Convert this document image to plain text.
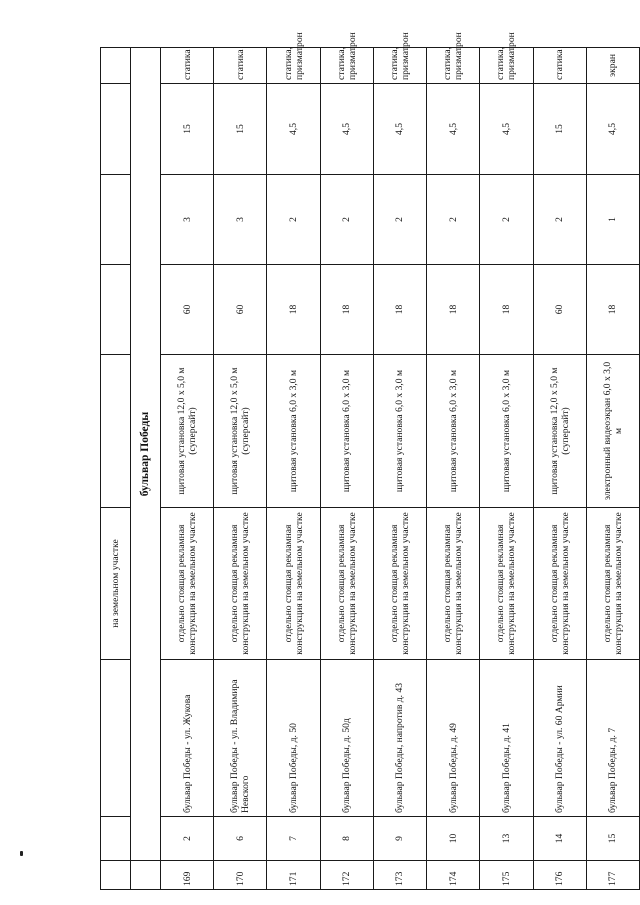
			на земельном участке					
	бульвар Победы							
169	2	бульвар Победы - ул. Жукова	отдельно стоящая рекламная конструкция на земельном участке	щитовая установка 12,0 х 5,0 м (суперсайт)	60	3	15	статика
170	6	бульвар Победы - ул. Владимира Невского	отдельно стоящая рекламная конструкция на земельном участке	щитовая установка 12,0 х 5,0 м (суперсайт)	60	3	15	статика
171	7	бульвар Победы, д. 50	отдельно стоящая рекламная конструкция на земельном участке	щитовая установка 6,0 х 3,0 м	18	2	4,5	статика, призматрон
172	8	бульвар Победы, д. 50д	отдельно стоящая рекламная конструкция на земельном участке	щитовая установка 6,0 х 3,0 м	18	2	4,5	статика, призматрон
173	9	бульвар Победы, напротив д. 43	отдельно стоящая рекламная конструкция на земельном участке	щитовая установка 6,0 х 3,0 м	18	2	4,5	статика, призматрон
174	10	бульвар Победы, д. 49	отдельно стоящая рекламная конструкция на земельном участке	щитовая установка 6,0 х 3,0 м	18	2	4,5	статика, призматрон
175	13	бульвар Победы, д. 41	отдельно стоящая рекламная конструкция на земельном участке	щитовая установка 6,0 х 3,0 м	18	2	4,5	статика, призматрон
176	14	бульвар Победы - ул. 60 Армии	отдельно стоящая рекламная конструкция на земельном участке	щитовая установка 12,0 х 5,0 м (суперсайт)	60	2	15	статика
177	15	бульвар Победы, д. 7	отдельно стоящая рекламная конструкция на земельном участке	электронный видеоэкран 6,0 х 3,0 м	18	1	4,5	экран
